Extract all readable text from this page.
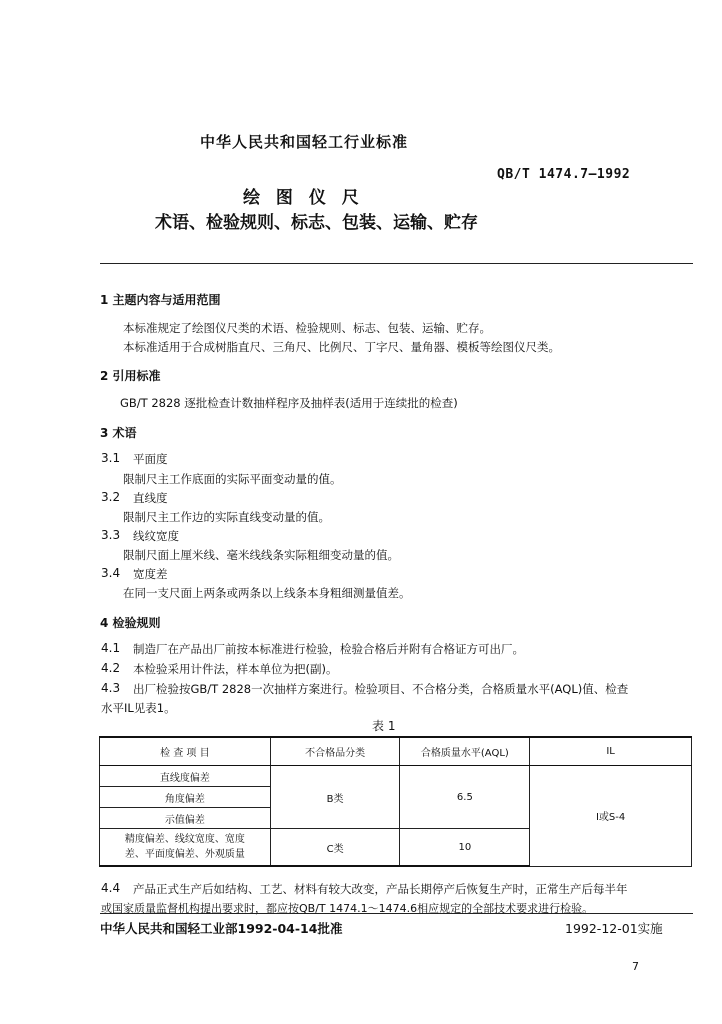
中华人民共和国轻工行业标准
QB/T 1474.7—1992
绘 图 仪 尺
术语、检验规则、标志、包装、运输、贮存
1 主题内容与适用范围
本标准规定了绘图仪尺类的术语、检验规则、标志、包装、运输、贮存。
本标准适用于合成树脂直尺、三角尺、比例尺、丁字尺、量角器、模板等绘图仪尺类。
2 引用标准
GB/T 2828 逐批检查计数抽样程序及抽样表(适用于连续批的检查)
3 术语
3.1 平面度
限制尺主工作底面的实际平面变动量的值。
3.2 直线度
限制尺主工作边的实际直线变动量的值。
3.3 线纹宽度
限制尺面上厘米线、毫米线线条实际粗细变动量的值。
3.4 宽度差
在同一支尺面上两条或两条以上线条本身粗细测量值差。
4 检验规则
4.1 制造厂在产品出厂前按本标准进行检验，检验合格后并附有合格证方可出厂。
4.2 本检验采用计件法，样本单位为把(副)。
4.3 出厂检验按GB/T 2828一次抽样方案进行。检验项目、不合格分类，合格质量水平(AQL)值、检查
水平IL见表1。
表 1
检 查 项 目	不合格品分类	合格质量水平(AQL)	IL
直线度偏差	B类	6.5	I或S-4
角度偏差			
示值偏差			

精度偏差、线纹宽度、宽度
差、平面度偏差、外观质量	C类	10	
4.4 产品正式生产后如结构、工艺、材料有较大改变，产品长期停产后恢复生产时，正常生产后每半年
或国家质量监督机构提出要求时，都应按QB/T 1474.1～1474.6相应规定的全部技术要求进行检验。
中华人民共和国轻工业部1992-04-14批准	1992-12-01实施
7
